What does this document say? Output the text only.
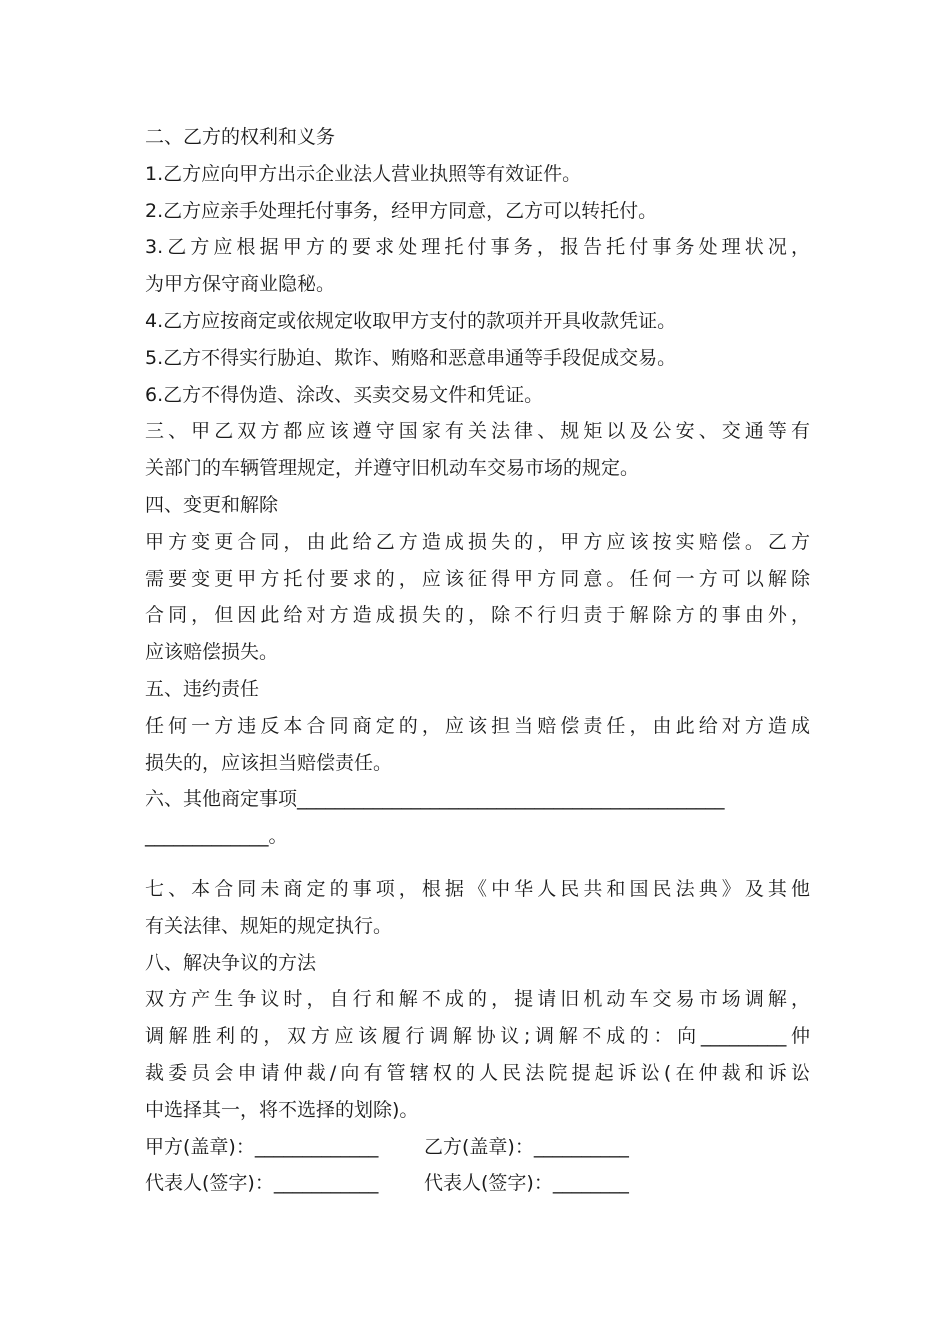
二、乙方的权利和义务
1.乙方应向甲方出示企业法人营业执照等有效证件。
2.乙方应亲手处理托付事务，经甲方同意，乙方可以转托付。
3.乙方应根据甲方的要求处理托付事务，报告托付事务处理状况，
为甲方保守商业隐秘。
4.乙方应按商定或依规定收取甲方支付的款项并开具收款凭证。
5.乙方不得实行胁迫、欺诈、贿赂和恶意串通等手段促成交易。
6.乙方不得伪造、涂改、买卖交易文件和凭证。
三、甲乙双方都应该遵守国家有关法律、规矩以及公安、交通等有
关部门的车辆管理规定，并遵守旧机动车交易市场的规定。
四、变更和解除
甲方变更合同，由此给乙方造成损失的，甲方应该按实赔偿。乙方
需要变更甲方托付要求的，应该征得甲方同意。任何一方可以解除
合同，但因此给对方造成损失的，除不行归责于解除方的事由外，
应该赔偿损失。
五、违约责任
任何一方违反本合同商定的，应该担当赔偿责任，由此给对方造成
损失的，应该担当赔偿责任。
六、其他商定事项_____________________________________________
_____________。
七、本合同未商定的事项，根据《中华人民共和国民法典》及其他
有关法律、规矩的规定执行。
八、解决争议的方法
双方产生争议时，自行和解不成的，提请旧机动车交易市场调解，
调解胜利的，双方应该履行调解协议;调解不成的：向_________仲
裁委员会申请仲裁/向有管辖权的人民法院提起诉讼(在仲裁和诉讼
中选择其一，将不选择的划除)。
甲方(盖章)：_____________ 乙方(盖章)：__________
代表人(签字)：___________ 代表人(签字)：________
